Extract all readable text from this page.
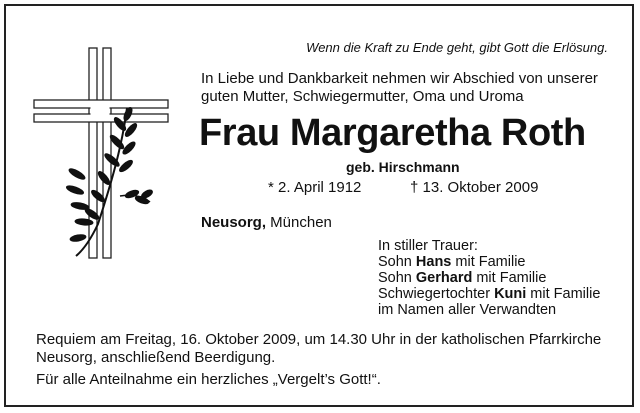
Wenn die Kraft zu Ende geht, gibt Gott die Erlösung.
In Liebe und Dankbarkeit nehmen wir Abschied von unserer
guten Mutter, Schwiegermutter, Oma und Uroma
Frau Margaretha Roth
geb. Hirschmann
* 2. April 1912	† 13. Oktober 2009
Neusorg, München
In stiller Trauer:
Sohn Hans mit Familie
Sohn Gerhard mit Familie
Schwiegertochter Kuni mit Familie
im Namen aller Verwandten
Requiem am Freitag, 16. Oktober 2009, um 14.30 Uhr in der katholischen Pfarrkirche
Neusorg, anschließend Beerdigung.
Für alle Anteilnahme ein herzliches „Vergelt’s Gott!“.
